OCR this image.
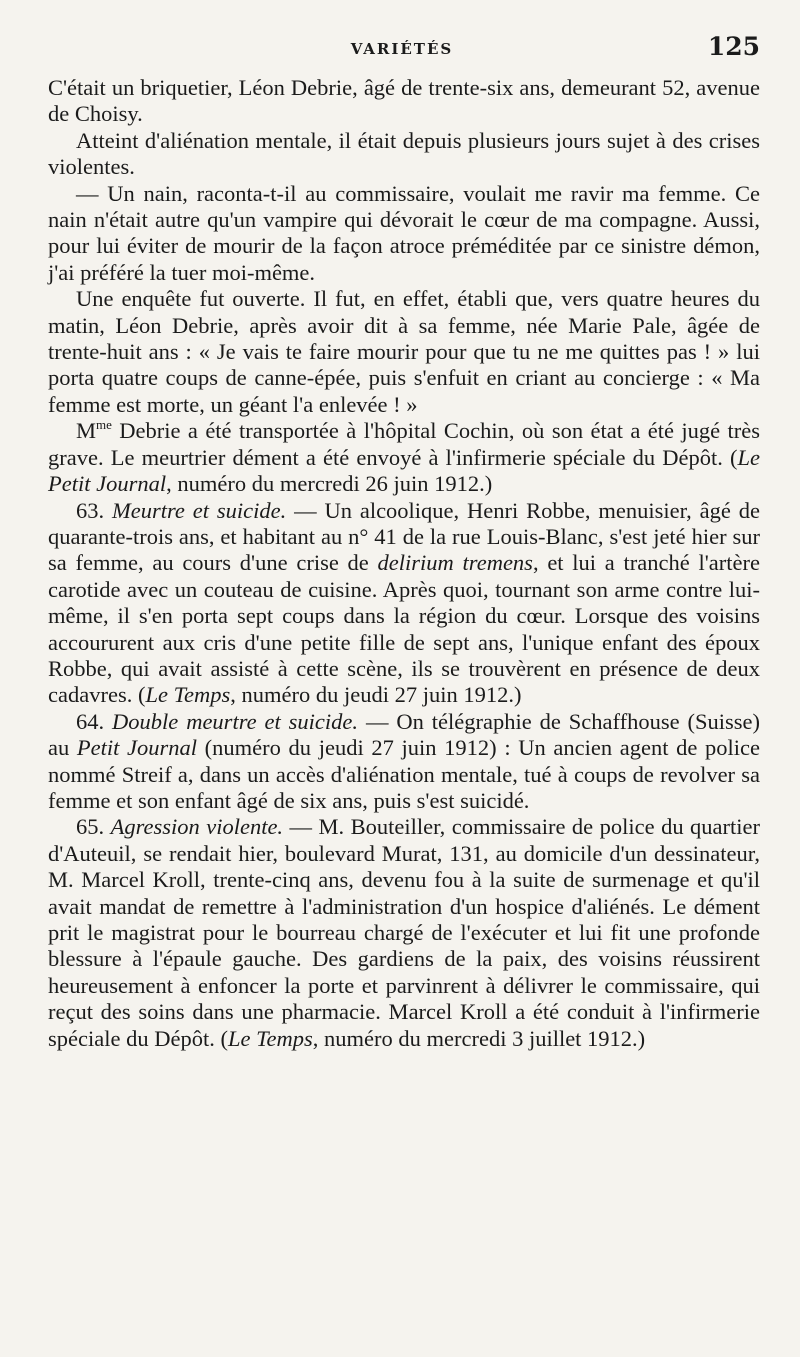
VARIÉTÉS	125

C'était un briquetier, Léon Debrie, âgé de trente-six ans, demeurant 52, avenue de Choisy.

Atteint d'aliénation mentale, il était depuis plusieurs jours sujet à des crises violentes.

— Un nain, raconta-t-il au commissaire, voulait me ravir ma femme. Ce nain n'était autre qu'un vampire qui dévorait le cœur de ma compagne. Aussi, pour lui éviter de mourir de la façon atroce préméditée par ce sinistre démon, j'ai préféré la tuer moi-même.

Une enquête fut ouverte. Il fut, en effet, établi que, vers quatre heures du matin, Léon Debrie, après avoir dit à sa femme, née Marie Pale, âgée de trente-huit ans : « Je vais te faire mourir pour que tu ne me quittes pas ! » lui porta quatre coups de canne-épée, puis s'enfuit en criant au concierge : « Ma femme est morte, un géant l'a enlevée ! »

$M^{me}$ Debrie a été transportée à l'hôpital Cochin, où son état a été jugé très grave. Le meurtrier dément a été envoyé à l'infirmerie spéciale du Dépôt. (Le Petit Journal, numéro du mercredi 26 juin 1912.)

63. Meurtre et suicide. — Un alcoolique, Henri Robbe, menuisier, âgé de quarante-trois ans, et habitant au n° 41 de la rue Louis-Blanc, s'est jeté hier sur sa femme, au cours d'une crise de delirium tremens, et lui a tranché l'artère carotide avec un couteau de cuisine. Après quoi, tournant son arme contre lui-même, il s'en porta sept coups dans la région du cœur. Lorsque des voisins accoururent aux cris d'une petite fille de sept ans, l'unique enfant des époux Robbe, qui avait assisté à cette scène, ils se trouvèrent en présence de deux cadavres. (Le Temps, numéro du jeudi 27 juin 1912.)

64. Double meurtre et suicide. — On télégraphie de Schaffhouse (Suisse) au Petit Journal (numéro du jeudi 27 juin 1912) : Un ancien agent de police nommé Streif a, dans un accès d'aliénation mentale, tué à coups de revolver sa femme et son enfant âgé de six ans, puis s'est suicidé.

65. Agression violente. — M. Bouteiller, commissaire de police du quartier d'Auteuil, se rendait hier, boulevard Murat, 131, au domicile d'un dessinateur, M. Marcel Kroll, trente-cinq ans, devenu fou à la suite de surmenage et qu'il avait mandat de remettre à l'administration d'un hospice d'aliénés. Le dément prit le magistrat pour le bourreau chargé de l'exécuter et lui fit une profonde blessure à l'épaule gauche. Des gardiens de la paix, des voisins réussirent heureusement à enfoncer la porte et parvinrent à délivrer le commissaire, qui reçut des soins dans une pharmacie. Marcel Kroll a été conduit à l'infirmerie spéciale du Dépôt. (Le Temps, numéro du mercredi 3 juillet 1912.)
